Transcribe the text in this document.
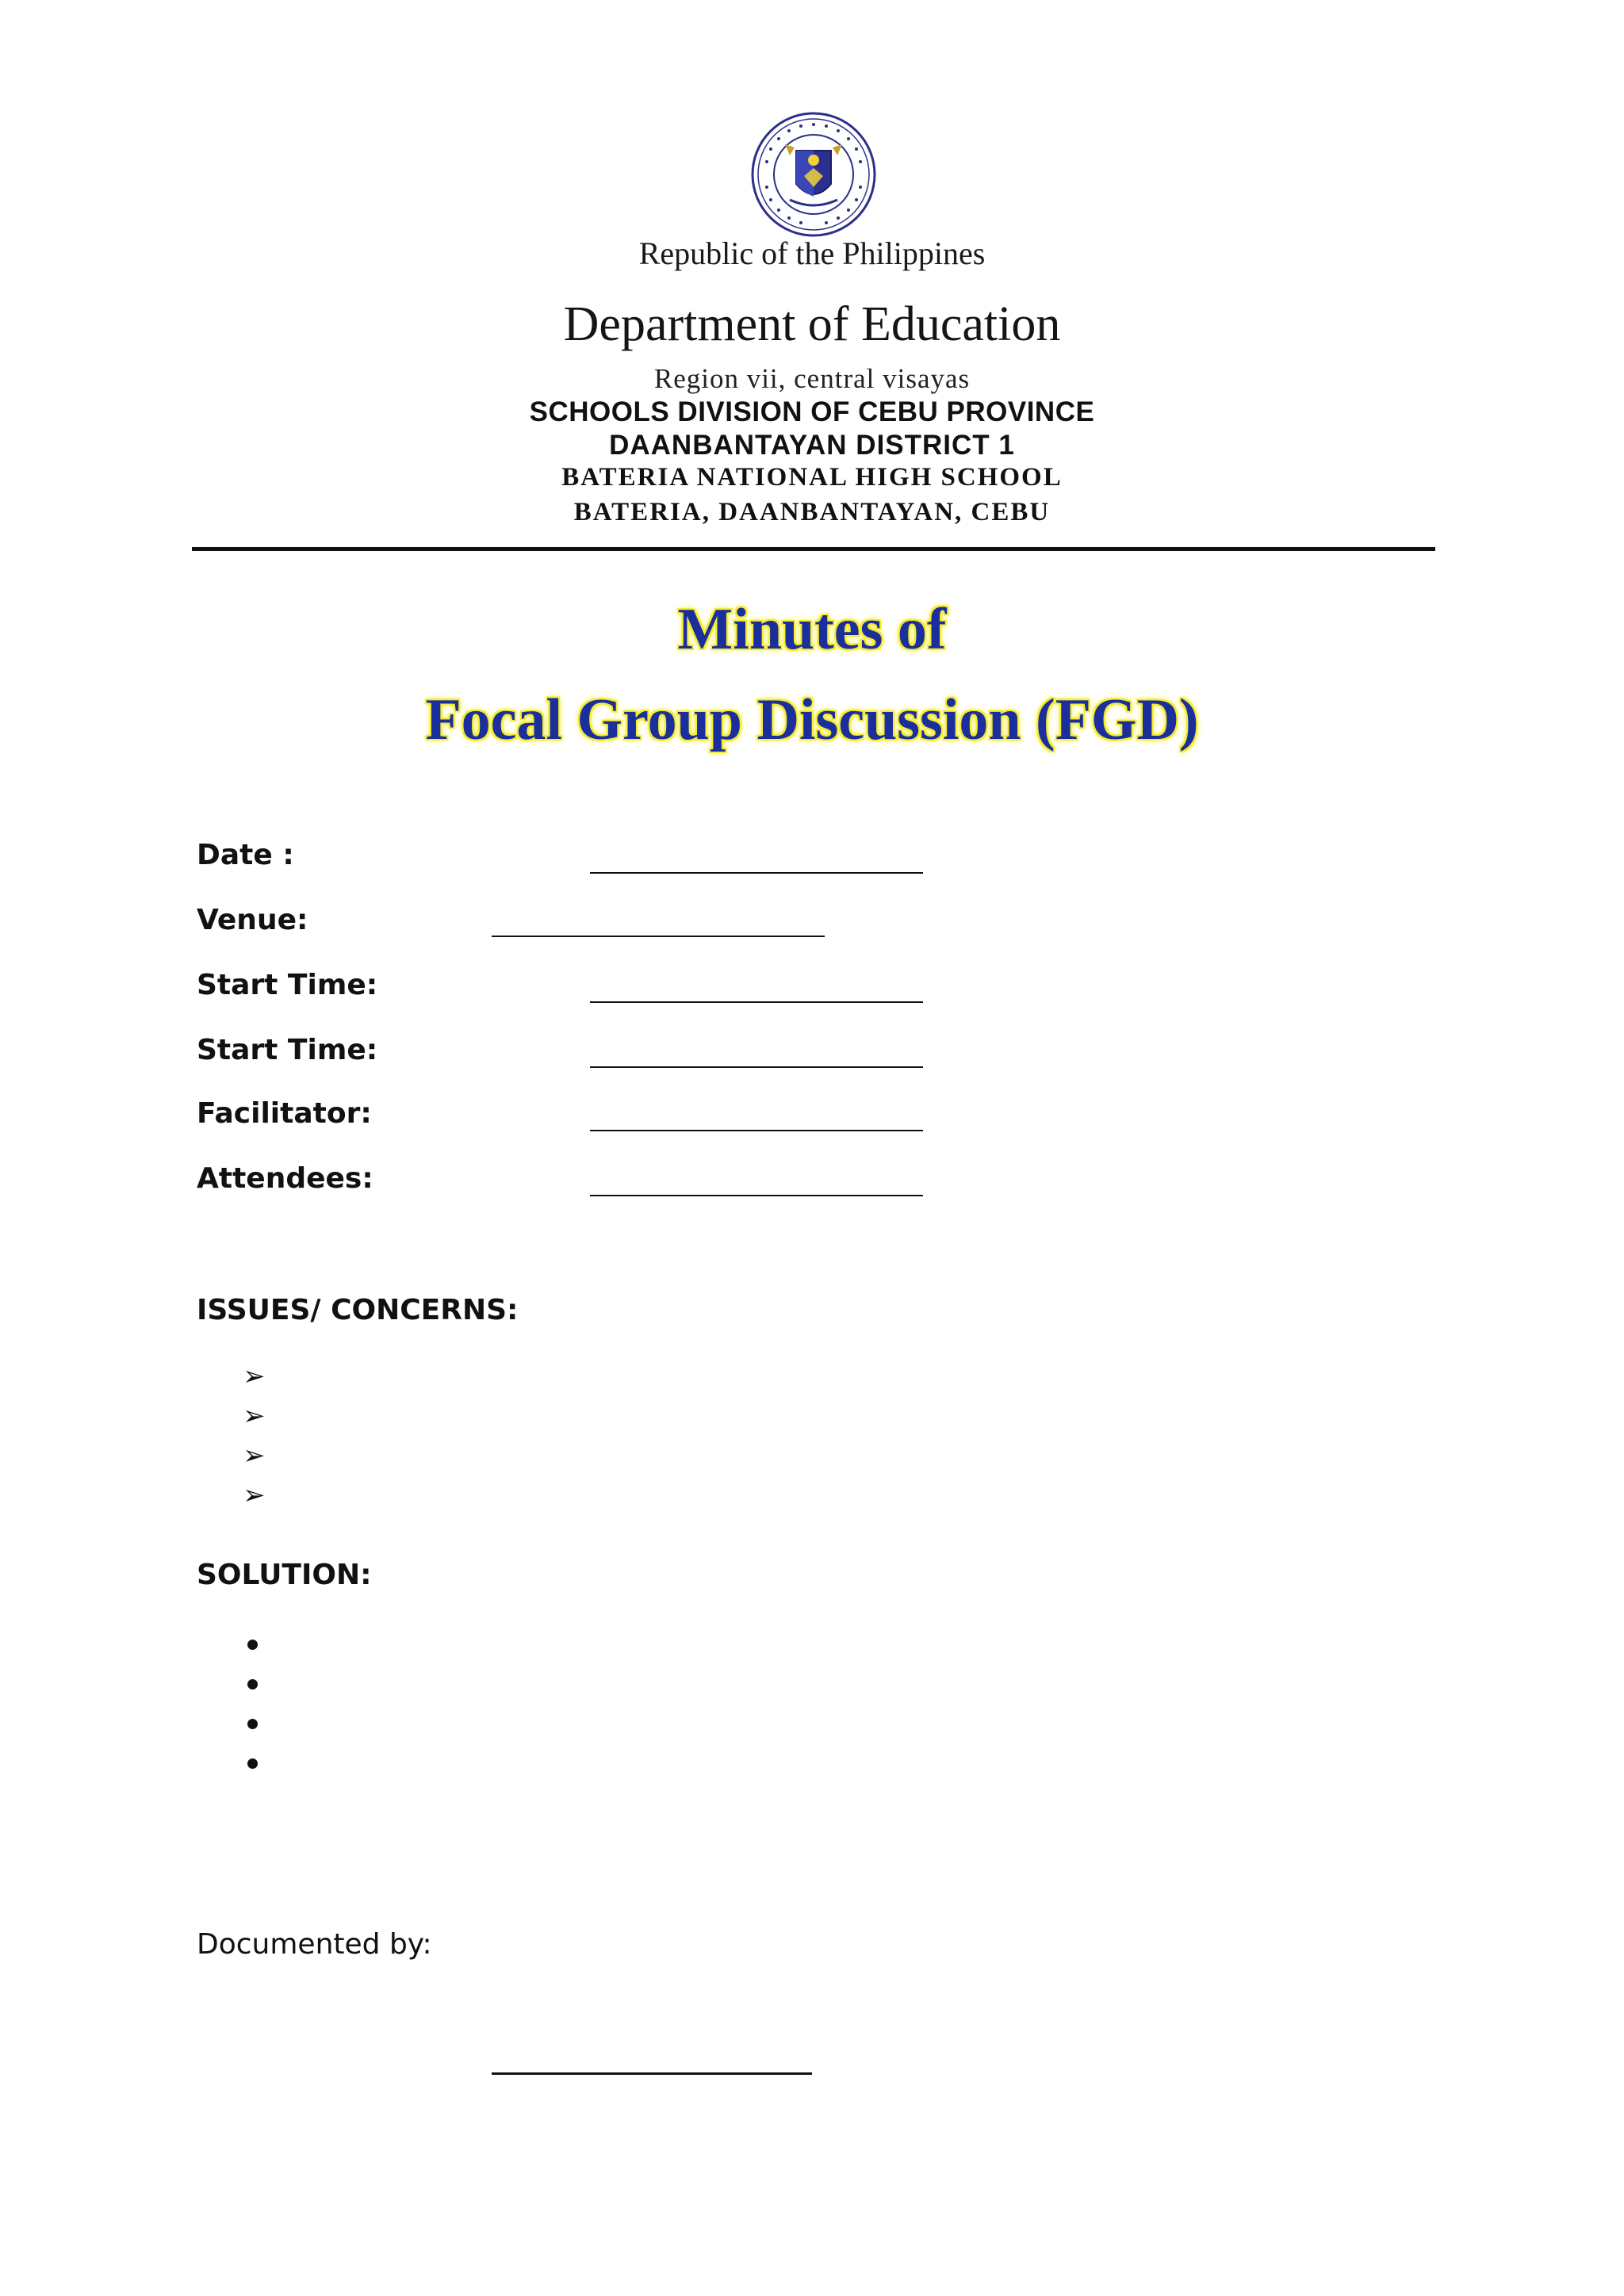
Republic of the Philippines
Department of Education
Region vii, central visayas
SCHOOLS DIVISION OF CEBU PROVINCE
DAANBANTAYAN DISTRICT 1
BATERIA NATIONAL HIGH SCHOOL
BATERIA, DAANBANTAYAN, CEBU
Minutes of
Focal Group Discussion (FGD)
Date :
Venue:
Start Time:
Start Time:
Facilitator:
Attendees:
ISSUES/ CONCERNS:
➢
➢
➢
➢
SOLUTION:
Documented by:
